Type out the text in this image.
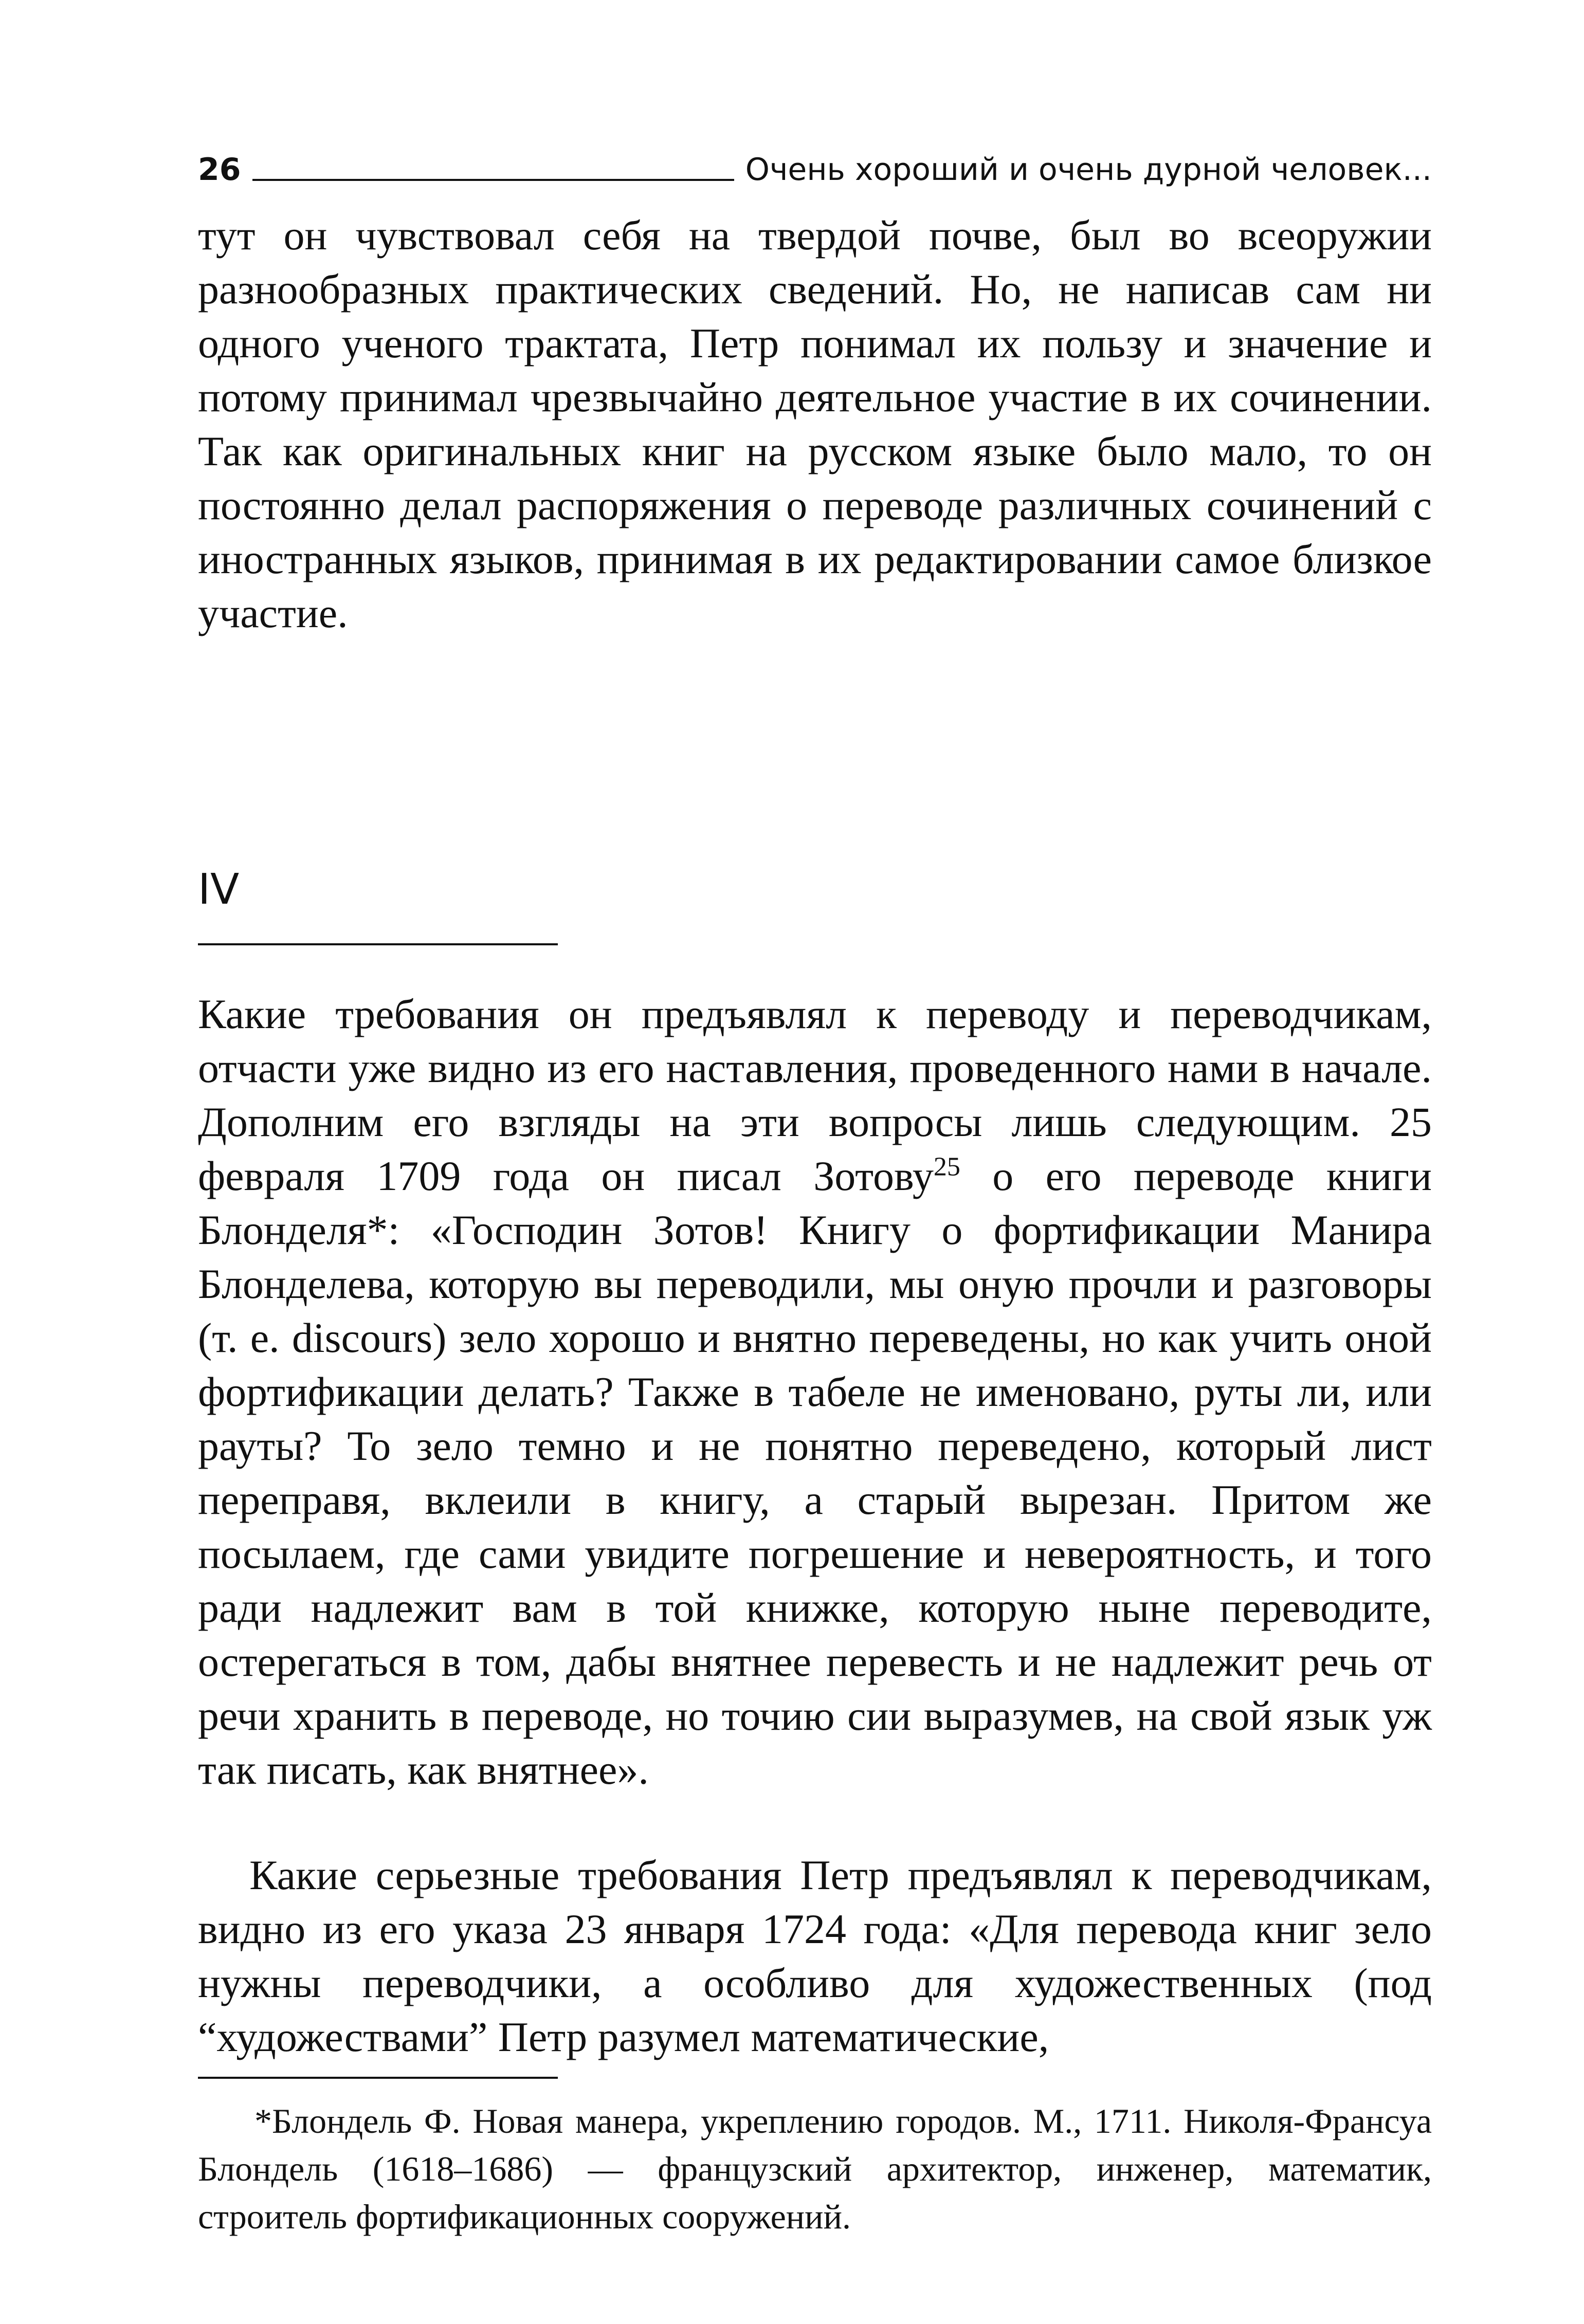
26	Очень хороший и очень дурной человек...

тут он чувствовал себя на твердой почве, был во всеоружии разнообразных практических сведений. Но, не написав сам ни одного ученого трактата, Петр понимал их пользу и значение и потому принимал чрезвычайно деятельное участие в их сочинении. Так как оригинальных книг на русском языке было мало, то он постоянно делал распоряжения о переводе различных сочинений с иностранных языков, принимая в их редактировании самое близкое участие.

IV

Какие требования он предъявлял к переводу и переводчикам, отчасти уже видно из его наставления, проведенного нами в начале. Дополним его взгляды на эти вопросы лишь следующим. 25 февраля 1709 года он писал Зотову$^{25}$ о его переводе книги Блонделя*: «Господин Зотов! Книгу о фортификации Манира Блонделева, которую вы переводили, мы оную прочли и разговоры (т. е. discours) зело хорошо и внятно переведены, но как учить оной фортификации делать? Также в табеле не именовано, руты ли, или рауты? То зело темно и не понятно переведено, который лист переправя, вклеили в книгу, а старый вырезан. Притом же посылаем, где сами увидите погрешение и невероятность, и того ради надлежит вам в той книжке, которую ныне переводите, остерегаться в том, дабы внятнее перевесть и не надлежит речь от речи хранить в переводе, но точию сии выразумев, на свой язык уж так писать, как внятнее».

Какие серьезные требования Петр предъявлял к переводчикам, видно из его указа 23 января 1724 года: «Для перевода книг зело нужны переводчики, а особливо для художественных (под “художествами” Петр разумел математические,

*Блондель Ф. Новая манера, укреплению городов. М., 1711. Николя-Франсуа Блондель (1618–1686) — французский архитектор, инженер, математик, строитель фортификационных сооружений.
